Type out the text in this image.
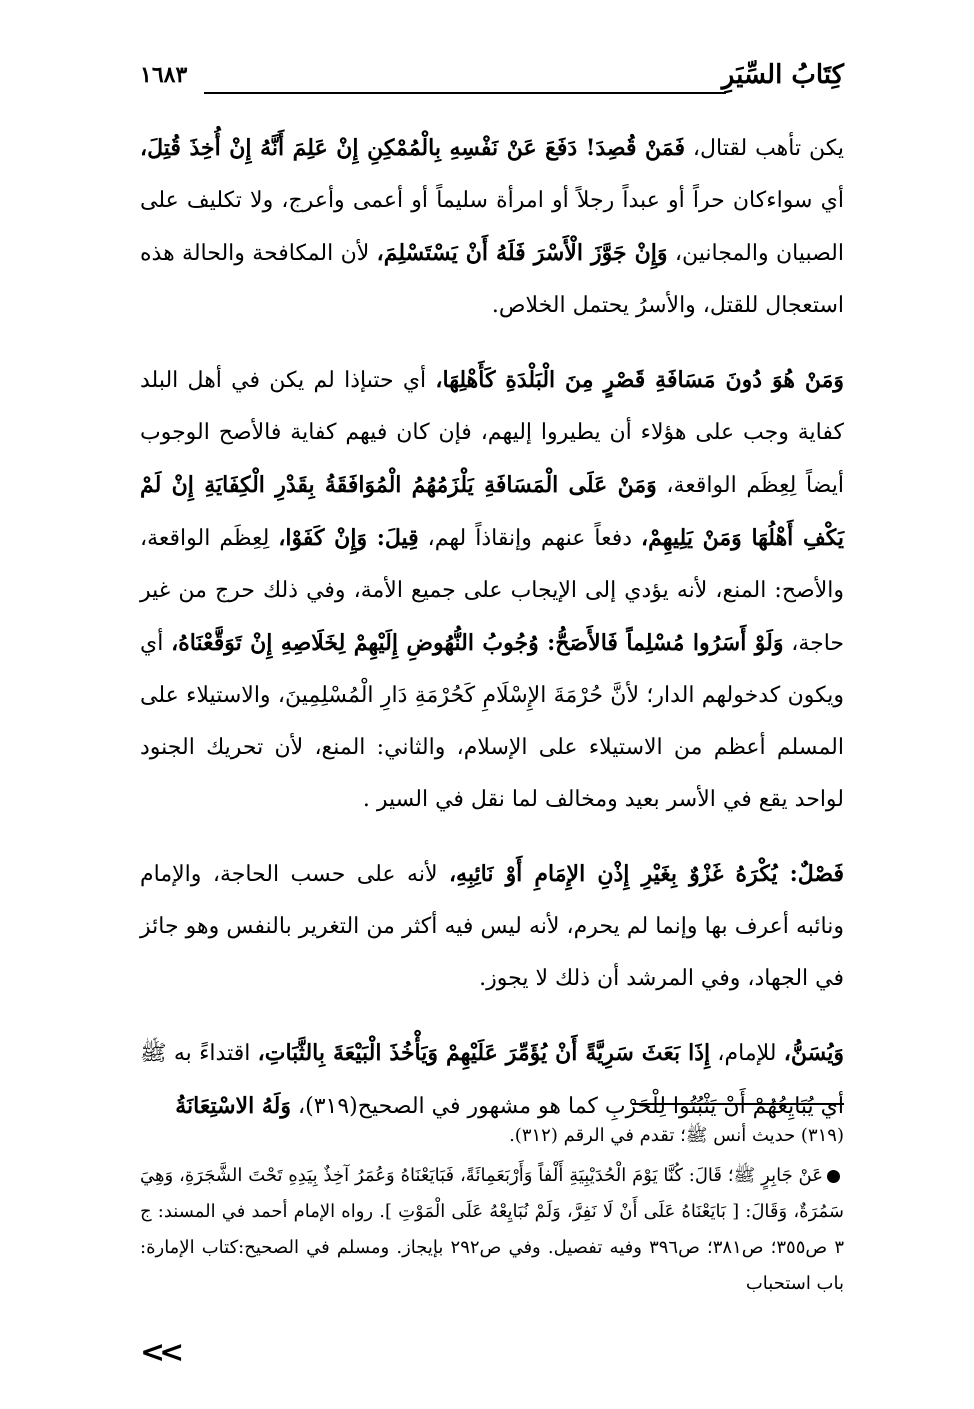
كِتَابُ السِّيَرِ
١٦٨٣

يكن تأهب لقتال، فَمَنْ قُصِدَ! دَفَعَ عَنْ نَفْسِهِ بِالْمُمْكِنِ إِنْ عَلِمَ أَنَّهُ إِنْ أُخِذَ قُتِلَ، أي سواءكان حراً أو عبداً رجلاً أو امرأة سليماً أو أعمى وأعرج، ولا تكليف على الصبيان والمجانين، وَإِنْ جَوَّزَ الْأَسْرَ فَلَهُ أَنْ يَسْتَسْلِمَ، لأن المكافحة والحالة هذه استعجال للقتل، والأسرُ يحتمل الخلاص.

وَمَنْ هُوَ دُونَ مَسَافَةِ قَصْرٍ مِنَ الْبَلْدَةِ كَأَهْلِهَا، أي حتىإذا لم يكن في أهل البلد كفاية وجب على هؤلاء أن يطيروا إليهم، فإن كان فيهم كفاية فالأصح الوجوب أيضاً لِعِظَم الواقعة، وَمَنْ عَلَى الْمَسَافَةِ يَلْزَمُهُمُ الْمُوَافَقَةُ بِقَدْرِ الْكِفَايَةِ إِنْ لَمْ يَكْفِ أَهْلُهَا وَمَنْ يَلِيهِمْ، دفعاً عنهم وإنقاذاً لهم، قِيلَ: وَإِنْ كَفَوْا، لِعِظَم الواقعة، والأصح: المنع، لأنه يؤدي إلى الإيجاب على جميع الأمة، وفي ذلك حرج من غير حاجة، وَلَوْ أَسَرُوا مُسْلِماً فَالأَصَحُّ: وُجُوبُ النُّهُوضِ إِلَيْهِمْ لِخَلَاصِهِ إِنْ تَوَقَّعْنَاهُ، أي ويكون كدخولهم الدار؛ لأنَّ حُرْمَةَ الإِسْلَامِ كَحُرْمَةِ دَارِ الْمُسْلِمِينَ، والاستيلاء على المسلم أعظم من الاستيلاء على الإسلام، والثاني: المنع، لأن تحريك الجنود لواحد يقع في الأسر بعيد ومخالف لما نقل في السير .

فَصْلٌ: يُكْرَهُ غَزْوٌ بِغَيْرِ إِذْنِ الإِمَامِ أَوْ نَائِبِهِ، لأنه على حسب الحاجة، والإمام ونائبه أعرف بها وإنما لم يحرم، لأنه ليس فيه أكثر من التغرير بالنفس وهو جائز في الجهاد، وفي المرشد أن ذلك لا يجوز.

وَيُسَنُّ، للإمام، إِذَا بَعَثَ سَرِيَّةً أَنْ يُؤَمِّرَ عَلَيْهِمْ وَيَأْخُذَ الْبَيْعَةَ بِالثَّبَاتِ، اقتداءً به ﷺ أي يُبَايِعُهُمْ أَنْ يَثْبُتُوا لِلْحَرْبِ كما هو مشهور في الصحيح(٣١٩)، وَلَهُ الاسْتِعَانَةُ

(٣١٩) حديث أنس ﷺ؛ تقدم في الرقم (٣١٢).

عَنْ جَابِرٍ ﷺ؛ قَالَ: كُنَّا يَوْمَ الْحُدَيْبِيَةِ أَلْفاً وَأَرْبَعَمِائَةً، فَبَايَعْنَاهُ وَعُمَرُ آخِذٌ بِيَدِهِ تَحْتَ الشَّجَرَةِ، وَهِيَ سَمُرَةٌ، وَقَالَ: [ بَايَعْنَاهُ عَلَى أَنْ لَا نَفِرَّ، وَلَمْ نُبَايِعْهُ عَلَى الْمَوْتِ ]. رواه الإمام أحمد في المسند: ج ٣ ص٣٥٥؛ ص٣٨١؛ ص٣٩٦ وفيه تفصيل. وفي ص٢٩٢ بإيجاز. ومسلم في الصحيح:كتاب الإمارة: باب استحباب

<<
